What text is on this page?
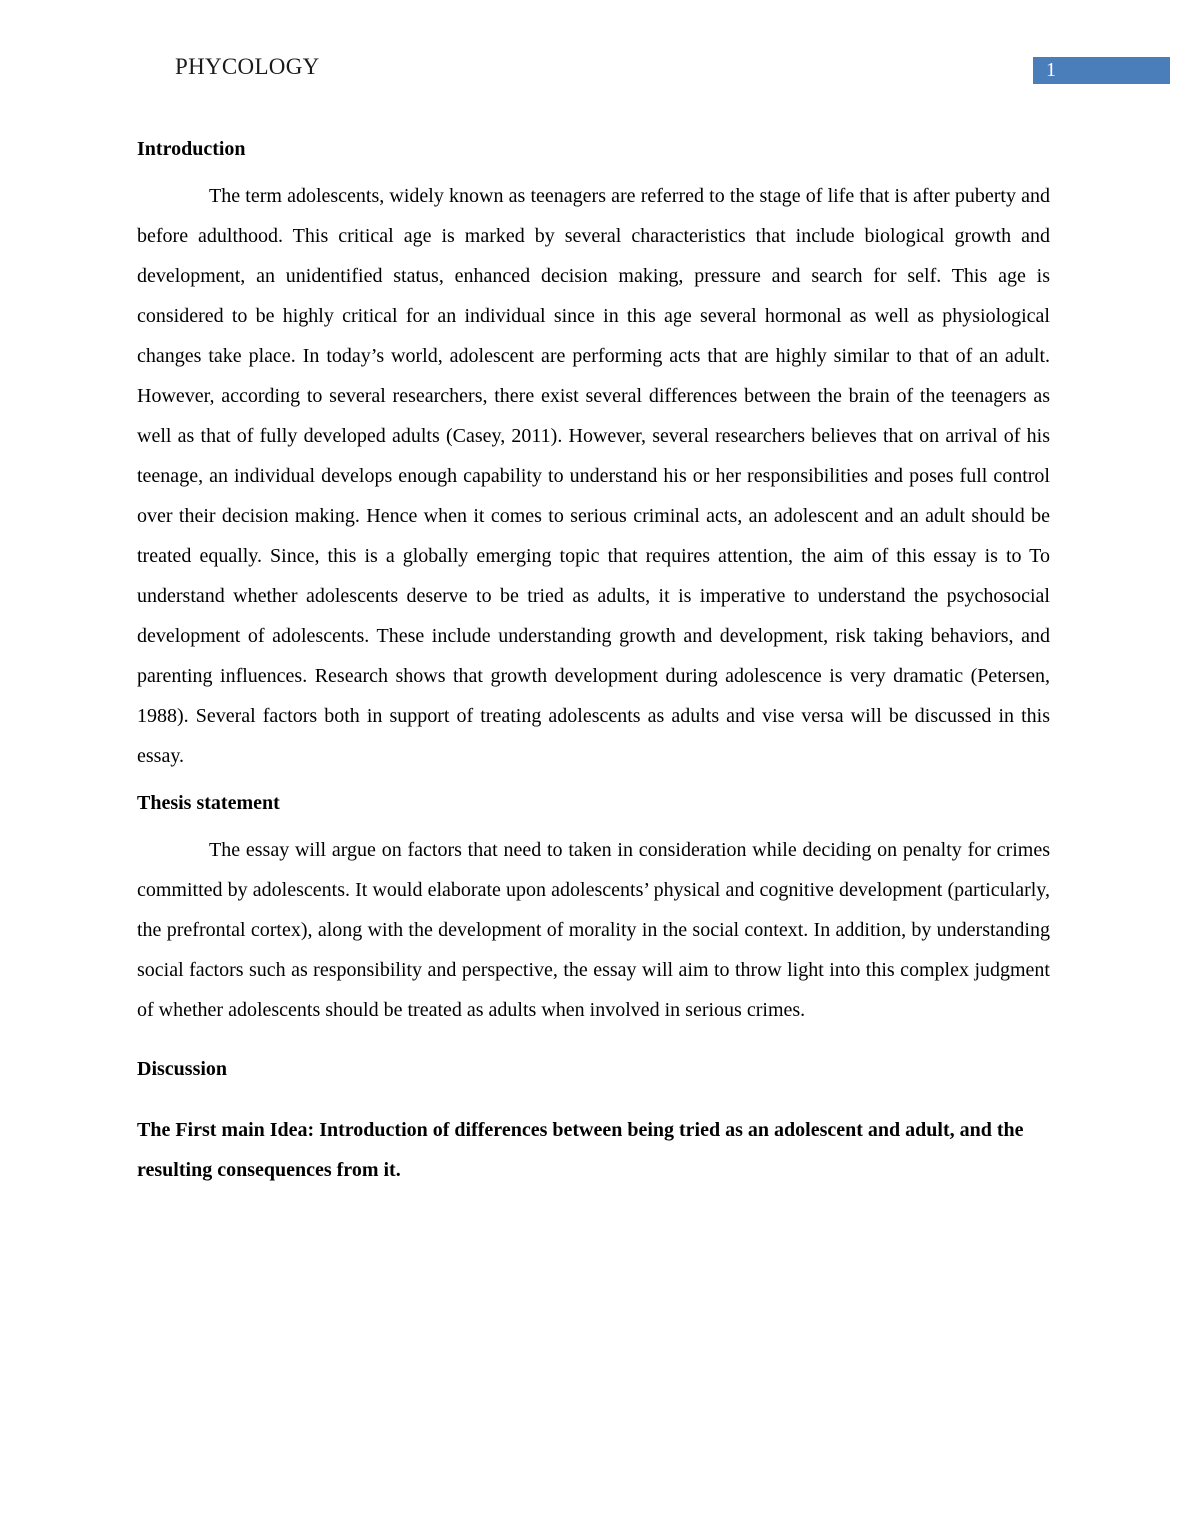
PHYCOLOGY	1
Introduction

The term adolescents, widely known as teenagers are referred to the stage of life that is after puberty and before adulthood. This critical age is marked by several characteristics that include biological growth and development, an unidentified status, enhanced decision making, pressure and search for self. This age is considered to be highly critical for an individual since in this age several hormonal as well as physiological changes take place. In today’s world, adolescent are performing acts that are highly similar to that of an adult. However, according to several researchers, there exist several differences between the brain of the teenagers as well as that of fully developed adults (Casey, 2011). However, several researchers believes that on arrival of his teenage, an individual develops enough capability to understand his or her responsibilities and poses full control over their decision making. Hence when it comes to serious criminal acts, an adolescent and an adult should be treated equally. Since, this is a globally emerging topic that requires attention, the aim of this essay is to To understand whether adolescents deserve to be tried as adults, it is imperative to understand the psychosocial development of adolescents. These include understanding growth and development, risk taking behaviors, and parenting influences. Research shows that growth development during adolescence is very dramatic (Petersen, 1988). Several factors both in support of treating adolescents as adults and vise versa will be discussed in this essay.

Thesis statement

The essay will argue on factors that need to taken in consideration while deciding on penalty for crimes committed by adolescents. It would elaborate upon adolescents’ physical and cognitive development (particularly, the prefrontal cortex), along with the development of morality in the social context. In addition, by understanding social factors such as responsibility and perspective, the essay will aim to throw light into this complex judgment of whether adolescents should be treated as adults when involved in serious crimes.

Discussion
The First main Idea: Introduction of differences between being tried as an adolescent and adult, and the resulting consequences from it.
